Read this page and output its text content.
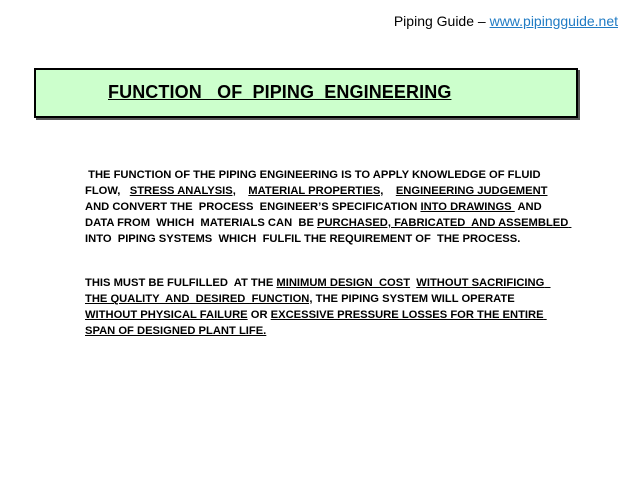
Piping Guide – www.pipingguide.net
FUNCTION   OF  PIPING  ENGINEERING

THE FUNCTION OF THE PIPING ENGINEERING IS TO APPLY KNOWLEDGE OF FLUID FLOW,   STRESS ANALYSIS, MATERIAL PROPERTIES, ENGINEERING JUDGEMENT AND CONVERT THE  PROCESS  ENGINEER’S SPECIFICATION INTO DRAWINGS  AND  DATA FROM  WHICH  MATERIALS CAN  BE PURCHASED, FABRICATED  AND ASSEMBLED  INTO  PIPING SYSTEMS  WHICH  FULFIL THE REQUIREMENT OF  THE PROCESS.

THIS MUST BE FULFILLED  AT THE MINIMUM DESIGN  COST WITHOUT SACRIFICING  THE QUALITY  AND  DESIRED  FUNCTION, THE PIPING SYSTEM WILL OPERATE WITHOUT PHYSICAL FAILURE OR EXCESSIVE PRESSURE LOSSES FOR THE ENTIRE SPAN OF DESIGNED PLANT LIFE.
